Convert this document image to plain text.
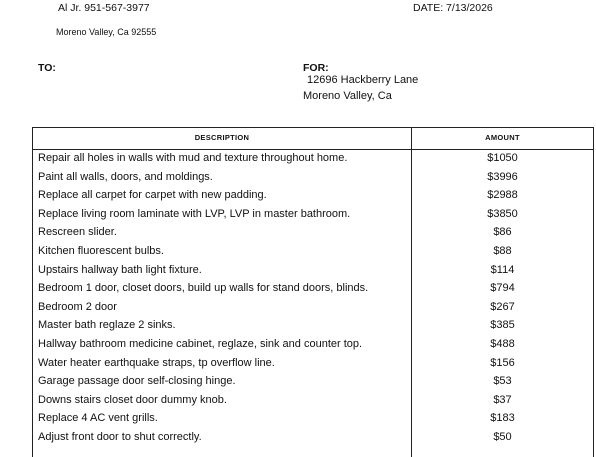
Al Jr. 951-567-3977	DATE: 7/13/2026
Moreno Valley, Ca 92555
TO:	FOR:
12696 Hackberry Lane
Moreno Valley, Ca
DESCRIPTION	AMOUNT
Repair all holes in walls with mud and texture throughout home.	$1050
Paint all walls, doors, and moldings.	$3996
Replace all carpet for carpet with new padding.	$2988
Replace living room laminate with LVP, LVP in master bathroom.	$3850
Rescreen slider.	$86
Kitchen fluorescent bulbs.	$88
Upstairs hallway bath light fixture.	$114
Bedroom 1 door, closet doors, build up walls for stand doors, blinds.	$794
Bedroom 2 door	$267
Master bath reglaze 2 sinks.	$385
Hallway bathroom medicine cabinet, reglaze, sink and counter top.	$488
Water heater earthquake straps, tp overflow line.	$156
Garage passage door self-closing hinge.	$53
Downs stairs closet door dummy knob.	$37
Replace 4 AC vent grills.	$183
Adjust front door to shut correctly.	$50
